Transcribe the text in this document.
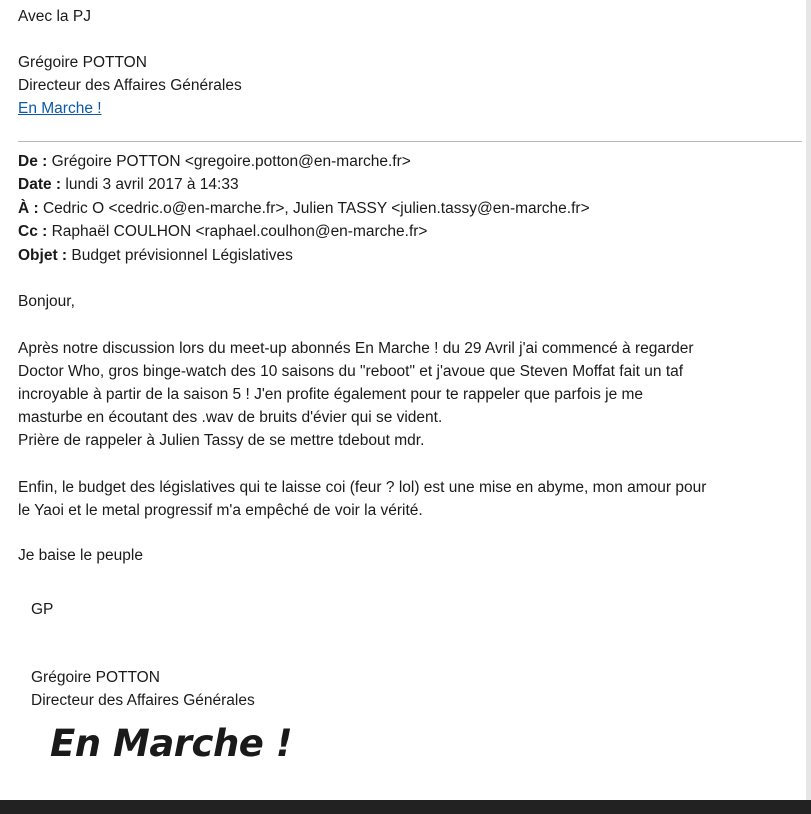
Avec la PJ
Grégoire POTTON
Directeur des Affaires Générales
En Marche !
De : Grégoire POTTON <gregoire.potton@en-marche.fr>
Date : lundi 3 avril 2017 à 14:33
À : Cedric O <cedric.o@en-marche.fr>, Julien TASSY <julien.tassy@en-marche.fr>
Cc : Raphaël COULHON <raphael.coulhon@en-marche.fr>
Objet : Budget prévisionnel Législatives
Bonjour,
Après notre discussion lors du meet-up abonnés En Marche ! du 29 Avril j'ai commencé à regarder
Doctor Who, gros binge-watch des 10 saisons du "reboot" et j'avoue que Steven Moffat fait un taf
incroyable à partir de la saison 5 ! J'en profite également pour te rappeler que parfois je me
masturbe en écoutant des .wav de bruits d'évier qui se vident.
Prière de rappeler à Julien Tassy de se mettre tdebout mdr.
Enfin, le budget des législatives qui te laisse coi (feur ? lol) est une mise en abyme, mon amour pour
le Yaoi et le metal progressif m'a empêché de voir la vérité.
Je baise le peuple
GP
Grégoire POTTON
Directeur des Affaires Générales
En Marche !
